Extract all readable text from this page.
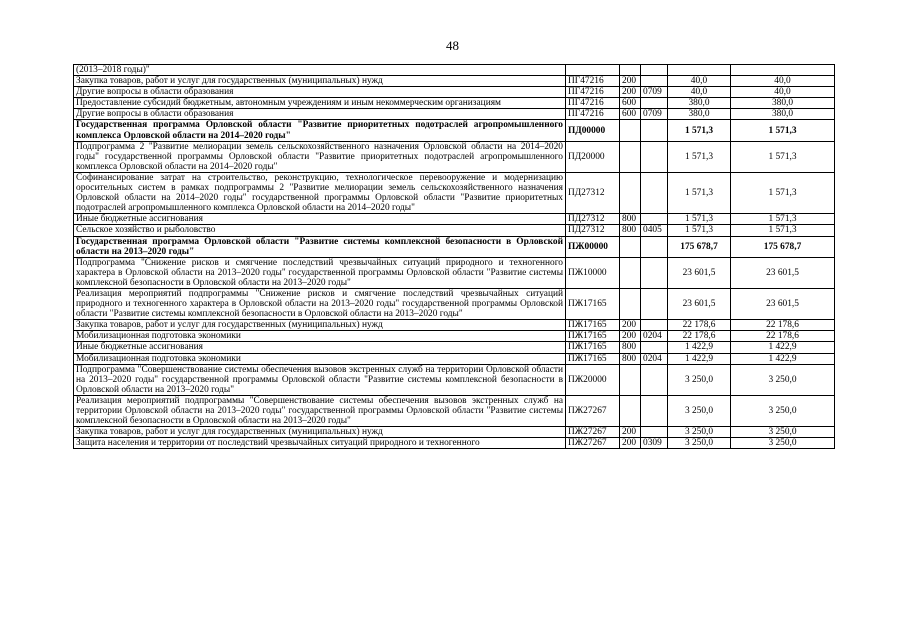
48
(2013–2018 годы)"					
Закупка товаров, работ и услуг для государственных (муниципальных) нужд	ПГ47216	200		40,0	40,0
Другие вопросы в области образования	ПГ47216	200	0709	40,0	40,0
Предоставление субсидий бюджетным, автономным учреждениям и иным некоммерческим организациям	ПГ47216	600		380,0	380,0
Другие вопросы в области образования	ПГ47216	600	0709	380,0	380,0
Государственная программа Орловской области "Развитие приоритетных подотраслей агропромышленного комплекса Орловской области на 2014–2020 годы"	ПД00000			1 571,3	1 571,3
Подпрограмма 2 "Развитие мелиорации земель сельскохозяйственного назначения Орловской области на 2014–2020 годы" государственной программы Орловской области "Развитие приоритетных подотраслей агропромышленного комплекса Орловской области на 2014–2020 годы"	ПД20000			1 571,3	1 571,3
Софинансирование затрат на строительство, реконструкцию, технологическое перевооружение и модернизацию оросительных систем в рамках подпрограммы 2 "Развитие мелиорации земель сельскохозяйственного назначения Орловской области на 2014–2020 годы" государственной программы Орловской области "Развитие приоритетных подотраслей агропромышленного комплекса Орловской области на 2014–2020 годы"	ПД27312			1 571,3	1 571,3
Иные бюджетные ассигнования	ПД27312	800		1 571,3	1 571,3
Сельское хозяйство и рыболовство	ПД27312	800	0405	1 571,3	1 571,3
Государственная программа Орловской области "Развитие системы комплексной безопасности в Орловской области на 2013–2020 годы"	ПЖ00000			175 678,7	175 678,7
Подпрограмма "Снижение рисков и смягчение последствий чрезвычайных ситуаций природного и техногенного характера в Орловской области на 2013–2020 годы" государственной программы Орловской области "Развитие системы комплексной безопасности в Орловской области на 2013–2020 годы"	ПЖ10000			23 601,5	23 601,5
Реализация мероприятий подпрограммы "Снижение рисков и смягчение последствий чрезвычайных ситуаций природного и техногенного характера в Орловской области на 2013–2020 годы" государственной программы Орловской области "Развитие системы комплексной безопасности в Орловской области на 2013–2020 годы"	ПЖ17165			23 601,5	23 601,5
Закупка товаров, работ и услуг для государственных (муниципальных) нужд	ПЖ17165	200		22 178,6	22 178,6
Мобилизационная подготовка экономики	ПЖ17165	200	0204	22 178,6	22 178,6
Иные бюджетные ассигнования	ПЖ17165	800		1 422,9	1 422,9
Мобилизационная подготовка экономики	ПЖ17165	800	0204	1 422,9	1 422,9
Подпрограмма "Совершенствование системы обеспечения вызовов экстренных служб на территории Орловской области на 2013–2020 годы" государственной программы Орловской области "Развитие системы комплексной безопасности в Орловской области на 2013–2020 годы"	ПЖ20000			3 250,0	3 250,0
Реализация мероприятий подпрограммы "Совершенствование системы обеспечения вызовов экстренных служб на территории Орловской области на 2013–2020 годы" государственной программы Орловской области "Развитие системы комплексной безопасности в Орловской области на 2013–2020 годы"	ПЖ27267			3 250,0	3 250,0
Закупка товаров, работ и услуг для государственных (муниципальных) нужд	ПЖ27267	200		3 250,0	3 250,0
Защита населения и территории от последствий чрезвычайных ситуаций природного и техногенного	ПЖ27267	200	0309	3 250,0	3 250,0
